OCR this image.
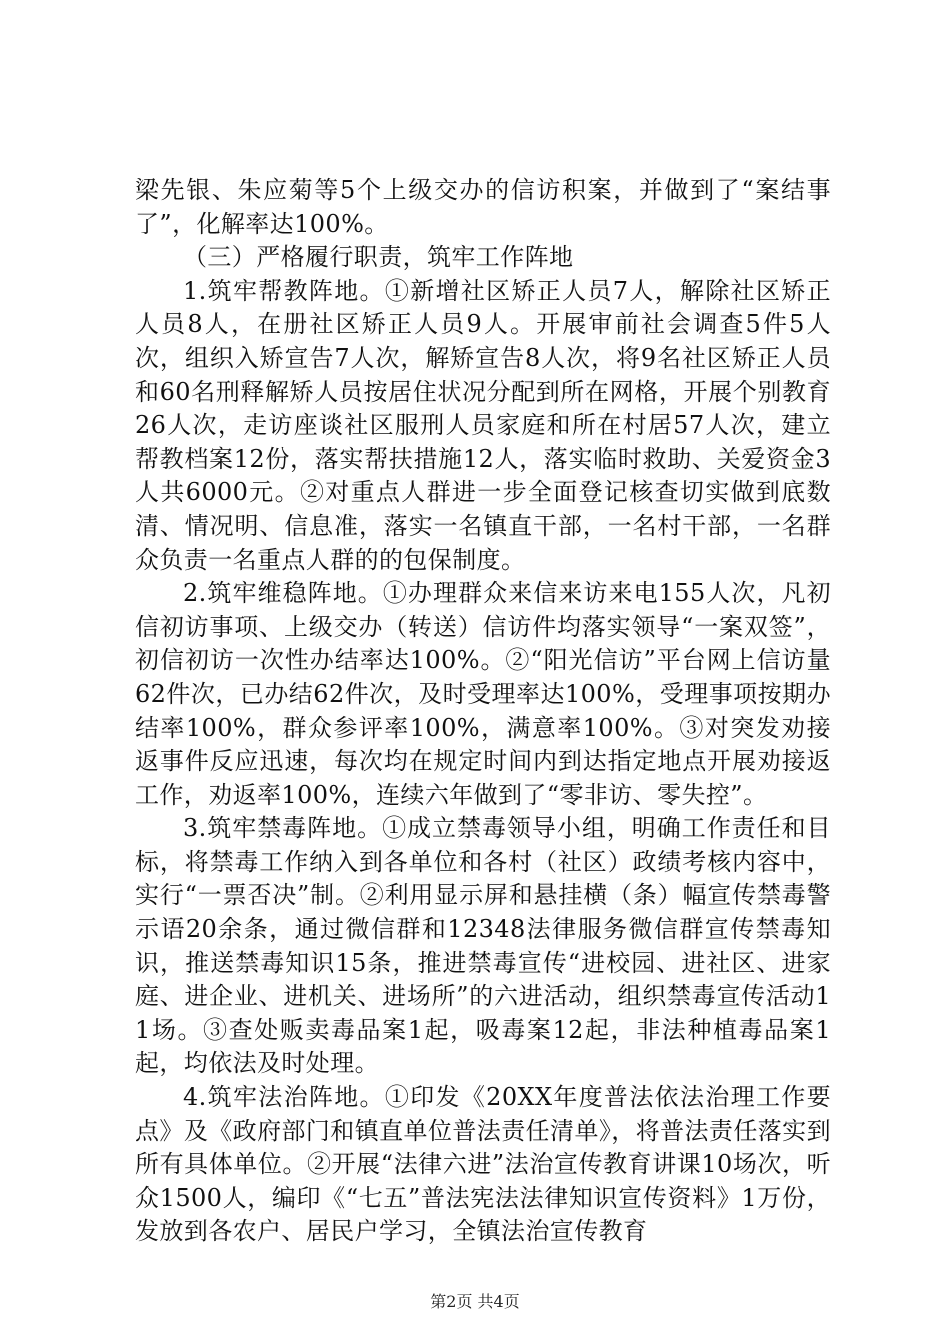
梁先银、朱应菊等5个上级交办的信访积案，并做到了“案结事了”，化解率达100%。

（三）严格履行职责，筑牢工作阵地

1.筑牢帮教阵地。①新增社区矫正人员7人，解除社区矫正人员8人，在册社区矫正人员9人。开展审前社会调查5件5人次，组织入矫宣告7人次，解矫宣告8人次，将9名社区矫正人员和60名刑释解矫人员按居住状况分配到所在网格，开展个别教育26人次，走访座谈社区服刑人员家庭和所在村居57人次，建立帮教档案12份，落实帮扶措施12人，落实临时救助、关爱资金3人共6000元。②对重点人群进一步全面登记核查切实做到底数清、情况明、信息准，落实一名镇直干部，一名村干部，一名群众负责一名重点人群的的包保制度。

2.筑牢维稳阵地。①办理群众来信来访来电155人次，凡初信初访事项、上级交办（转送）信访件均落实领导“一案双签”，初信初访一次性办结率达100%。②“阳光信访”平台网上信访量62件次，已办结62件次，及时受理率达100%，受理事项按期办结率100%，群众参评率100%，满意率100%。③对突发劝接返事件反应迅速，每次均在规定时间内到达指定地点开展劝接返工作，劝返率100%，连续六年做到了“零非访、零失控”。

3.筑牢禁毒阵地。①成立禁毒领导小组，明确工作责任和目标，将禁毒工作纳入到各单位和各村（社区）政绩考核内容中，实行“一票否决”制。②利用显示屏和悬挂横（条）幅宣传禁毒警示语20余条，通过微信群和12348法律服务微信群宣传禁毒知识，推送禁毒知识15条，推进禁毒宣传“进校园、进社区、进家庭、进企业、进机关、进场所”的六进活动，组织禁毒宣传活动11场。③查处贩卖毒品案1起，吸毒案12起，非法种植毒品案1起，均依法及时处理。

4.筑牢法治阵地。①印发《20XX年度普法依法治理工作要点》及《政府部门和镇直单位普法责任清单》，将普法责任落实到所有具体单位。②开展“法律六进”法治宣传教育讲课10场次，听众1500人，编印《“七五”普法宪法法律知识宣传资料》1万份，发放到各农户、居民户学习，全镇法治宣传教育

第2页 共4页
